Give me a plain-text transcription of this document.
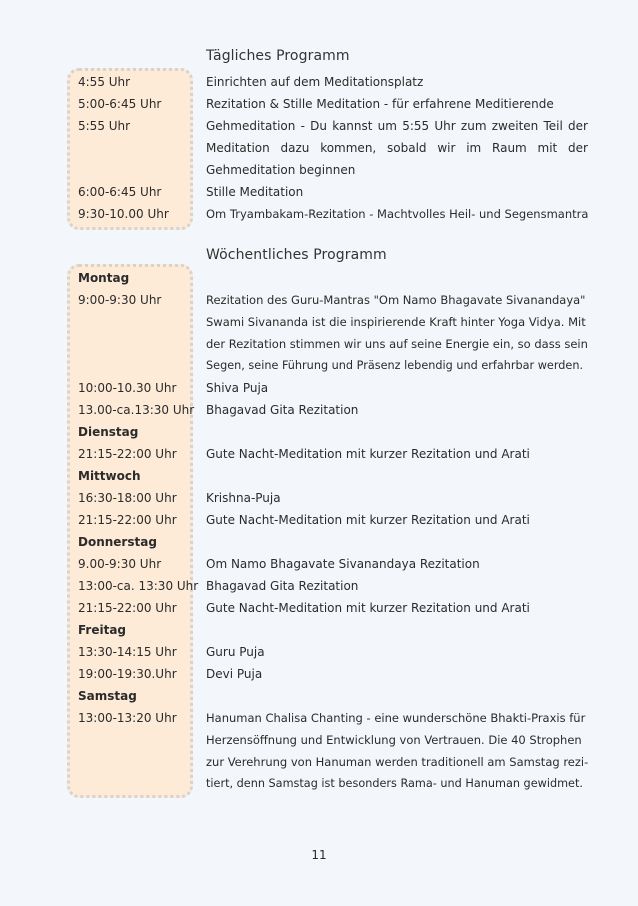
Tägliches Programm
4:55 Uhr	Einrichten auf dem Meditationsplatz
5:00-6:45 Uhr	Rezitation & Stille Meditation - für erfahrene Meditierende
5:55 Uhr	Gehmeditation - Du kannst um 5:55 Uhr zum zweiten Teil der
Meditation dazu kommen, sobald wir im Raum mit der
Gehmeditation beginnen
6:00-6:45 Uhr	Stille Meditation
9:30-10.00 Uhr	Om Tryambakam-Rezitation - Machtvolles Heil- und Segensmantra
Wöchentliches Programm
Montag
9:00-9:30 Uhr	Rezitation des Guru-Mantras "Om Namo Bhagavate Sivanandaya"
Swami Sivananda ist die inspirierende Kraft hinter Yoga Vidya. Mit
der Rezitation stimmen wir uns auf seine Energie ein, so dass sein
Segen, seine Führung und Präsenz lebendig und erfahrbar werden.
10:00-10.30 Uhr Shiva Puja
13.00-ca.13:30 Uhr Bhagavad Gita Rezitation
Dienstag
21:15-22:00 Uhr Gute Nacht-Meditation mit kurzer Rezitation und Arati
Mittwoch
16:30-18:00 Uhr Krishna-Puja
21:15-22:00 Uhr Gute Nacht-Meditation mit kurzer Rezitation und Arati
Donnerstag
9.00-9:30 Uhr	Om Namo Bhagavate Sivanandaya Rezitation
13:00-ca. 13:30 Uhr Bhagavad Gita Rezitation
21:15-22:00 Uhr Gute Nacht-Meditation mit kurzer Rezitation und Arati
Freitag
13:30-14:15 Uhr Guru Puja
19:00-19:30.Uhr Devi Puja
Samstag
13:00-13:20 Uhr	Hanuman Chalisa Chanting - eine wunderschöne Bhakti-Praxis für
Herzensöffnung und Entwicklung von Vertrauen. Die 40 Strophen
zur Verehrung von Hanuman werden traditionell am Samstag rezi-
tiert, denn Samstag ist besonders Rama- und Hanuman gewidmet.
11
